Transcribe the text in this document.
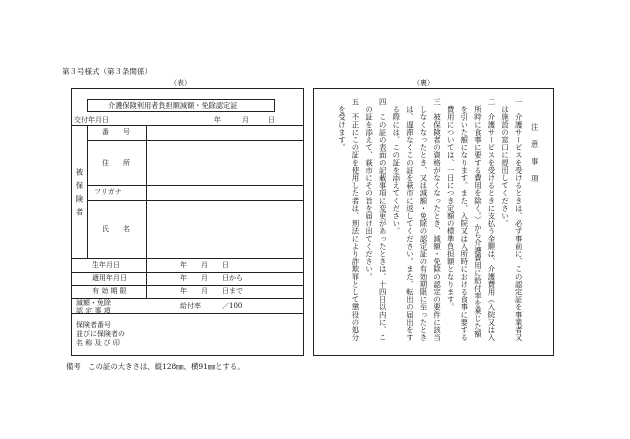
第３号様式（第３条関係）
（表）
介護保険利用者負担額減額・免除認定証
交付年月日	年	月	日
被保険者
番　　号
住　　所
フリガナ
氏　　名
生年月日	年　　月　　日
適用年月日	年　　月　　日から
有 効 期 限	年　　月　　日まで
減額・免除
認 定 事 項
給付率　　　／100
保険者番号
並びに保険者の
名 称 及 び 印
備考　この証の大きさは、縦128㎜、横91㎜とする。
（裏）
注　意　事　項
一　介護サービスを受けるときは、必ず事前に、この認定証を事業者又
　は施設の窓口に提出してください。
二　介護サービスを受けるときに支払う金額は、介護費用（入院又は入
　所時に食事に要する費用を除く。）から介護費用に給付率を乗じた額
　を引いた額になります。また、入院又は入所時における食事に要する
　費用については、一日につき定額の標準負担額となります。
三　被保険者の資格がなくなったとき、減額・免除の認定の要件に該当
　しなくなったとき、又は減額・免除の認定証の有効期限に至ったとき
　は、遅滞なくこの証を萩市に返してください。また、転出の届出をす
　る際には、この証を添えてください。
四　この証の表面の記載事項に変更があったときは、十四日以内に、こ
　の証を添えて、萩市にその旨を届け出てください。
五　不正にこの証を使用した者は、刑法により詐欺罪として懲役の処分
　を受けます。
